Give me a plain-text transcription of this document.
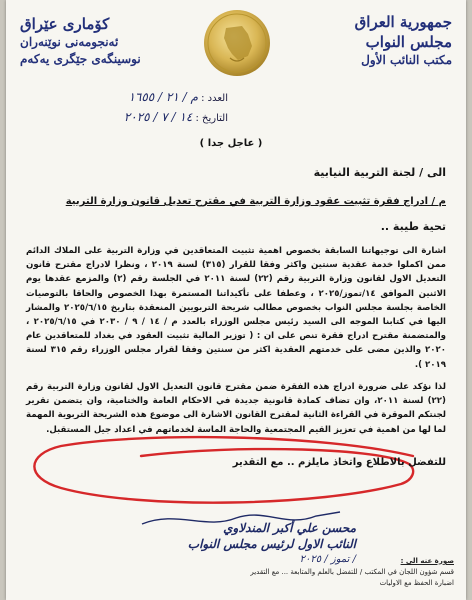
جمهورية العراق
مجلس النواب
مكتب النائب الأول
کۆماری عێراق
ئەنجومەنی نوێنەران
نوسینگەی جێگری یەکەم
العدد : م / ٢١ / ١٦٥٥
التاريخ : ١٤ / ٧ / ٢٠٢٥
( عاجل جدا )
الى / لجنة التربية النيابية
م / ادراج فقرة تثبيت عقود وزارة التربية في مقترح تعديل قانون وزارة التربية
تحية طيبة ..
اشارة الى توجيهاتنا السابقة بخصوص اهمية تثبيت المتعاقدين في وزارة التربية على الملاك الدائم ممن اكملوا خدمة عقدية سنتين واكثر وفقا للقرار (٣١٥) لسنة ٢٠١٩ ، ونظرا لادراج مقترح قانون التعديل الاول لقانون وزارة التربية رقم (٢٢) لسنة ٢٠١١ في الجلسة رقم (٢) والمزمع عقدها يوم الاثنين الموافق ١٤/تموز/٢٠٢٥ ، وعطفا على تأكيداتنا المستمرة بهذا الخصوص والحاقا بالتوصيات الخاصة بجلسة مجلس النواب بخصوص مطالب شريحة التربويين المنعقدة بتاريخ ٢٠٢٥/٦/١٥ والمشار اليها في كتابنا الموجه الى السيد رئيس مجلس الوزراء بالعدد م / ١٤ / ٩ / ٢٠٣٠ في ٢٠٢٥/٦/١٥ ، والمتضمنة مقترح ادراج فقرة تنص على ان : ( توزير المالية تثبيت العقود في بغداد للمتعاقدين عام ٢٠٢٠ والذين مضى على خدمتهم العقدية اكثر من سنتين وفقا لقرار مجلس الوزراء رقم ٣١٥ لسنة ٢٠١٩ ).
لذا نؤكد على ضرورة ادراج هذه الفقرة ضمن مقترح قانون التعديل الاول لقانون وزارة التربية رقم (٢٢) لسنة ٢٠١١، وان تضاف كمادة قانونية جديدة في الاحكام العامة والختامية، وان يتضمن تقرير لجنتكم الموقرة في القراءة الثانية لمقترح القانون الاشارة الى موضوع هذه الشريحة التربوية المهمة لما لها من اهمية في تعزيز القيم المجتمعية والحاجة الماسة لخدماتهم في اعداد جيل المستقبل.
للتفضل بالاطلاع واتخاذ مايلزم .. مع التقدير
محسن علي أكبر المندلاوي
النائب الاول لرئيس مجلس النواب
/ تموز / ٢٠٢٥	صورة عنه الى :
قسم شؤون اللجان في المكتب / للتفضل بالعلم والمتابعة ... مع التقدير
اضبارة الحفظ مع الاوليات
